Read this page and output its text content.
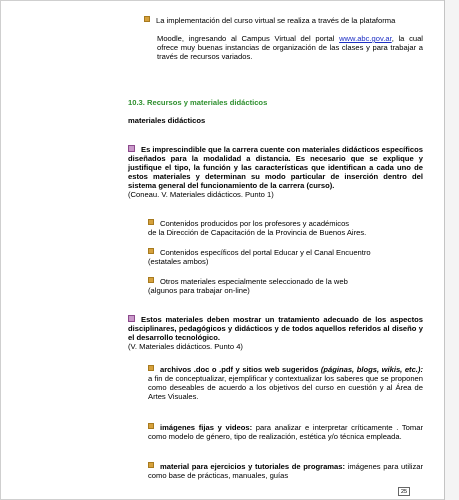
La implementación del curso virtual se realiza a través de la plataforma
Moodle, ingresando al Campus Virtual del portal www.abc.gov.ar, la cual ofrece muy buenas instancias de organización de las clases y para trabajar a través de recursos variados.
10.3. Recursos y materiales didácticos
materiales didácticos
Es imprescindible que la carrera cuente con materiales didácticos específicos diseñados para la modalidad a distancia. Es necesario que se explique y justifique el tipo, la función y las características que identifican a cada uno de estos materiales y determinan su modo particular de inserción dentro del sistema general del funcionamiento de la carrera (curso).
(Coneau. V. Materiales didácticos. Punto 1)
Contenidos producidos por los profesores y académicos
de la Dirección de Capacitación de la Provincia de Buenos Aires.
Contenidos específicos del portal Educar y el Canal Encuentro
(estatales ambos)
Otros materiales especialmente seleccionado de la web
(algunos para trabajar on-line)
Estos materiales deben mostrar un tratamiento adecuado de los aspectos disciplinares, pedagógicos y didácticos y de todos aquellos referidos al diseño y el desarrollo tecnológico.
(V. Materiales didácticos. Punto 4)
archivos .doc o .pdf y sitios web sugeridos (páginas, blogs, wikis, etc.): a fin de conceptualizar, ejemplificar y contextualizar los saberes que se proponen como deseables de acuerdo a los objetivos del curso en cuestión y al Área de Artes Visuales.
imágenes fijas y videos: para analizar e interpretar críticamente . Tomar como modelo de género, tipo de realización, estética y/o técnica empleada.
material para ejercicios y tutoriales de programas: imágenes para utilizar como base de prácticas, manuales, guías
25
